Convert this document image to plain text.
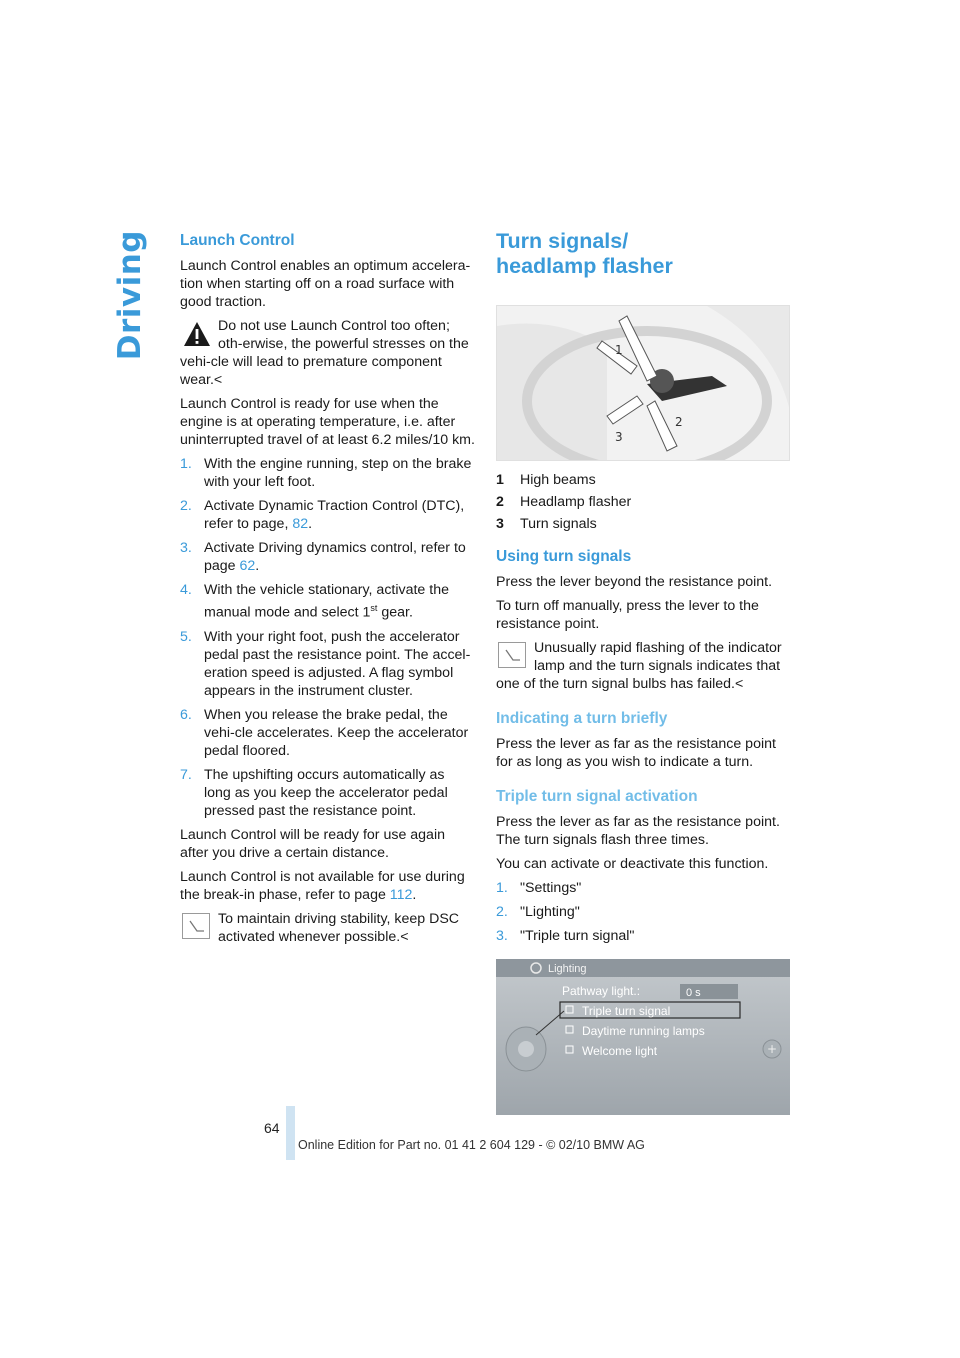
Driving Launch Control

Launch Control enables an optimum accelera-tion when starting off on a road surface with good traction.

Do not use Launch Control too often; oth-erwise, the powerful stresses on the vehi-cle will lead to premature component wear.<

Launch Control is ready for use when the engine is at operating temperature, i.e. after uninterrupted travel of at least 6.2 miles/10 km.

1. With the engine running, step on the brake with your left foot.
2. Activate Dynamic Traction Control (DTC), refer to page, 82.
3. Activate Driving dynamics control, refer to page 62.
4. With the vehicle stationary, activate the manual mode and select 1st gear.
5. With your right foot, push the accelerator pedal past the resistance point. The accel-eration speed is adjusted. A flag symbol appears in the instrument cluster.
6. When you release the brake pedal, the vehi-cle accelerates. Keep the accelerator pedal floored.
7. The upshifting occurs automatically as long as you keep the accelerator pedal pressed past the resistance point.

Launch Control will be ready for use again after you drive a certain distance.

Launch Control is not available for use during the break-in phase, refer to page 112.

To maintain driving stability, keep DSC activated whenever possible.<
Turn signals/
headlamp flasher
1
2
3
1 High beams
2 Headlamp flasher
3 Turn signals
Using turn signals

Press the lever beyond the resistance point.

To turn off manually, press the lever to the resistance point.

Unusually rapid flashing of the indicator lamp and the turn signals indicates that one of the turn signal bulbs has failed.<
Indicating a turn briefly

Press the lever as far as the resistance point for as long as you wish to indicate a turn.

Triple turn signal activation

Press the lever as far as the resistance point. The turn signals flash three times.

You can activate or deactivate this function.

1. "Settings"
2. "Lighting"
3. "Triple turn signal"
Lighting
+
Pathway light.:	0 s
Triple turn signal
Daytime running lamps
Welcome light
64
Online Edition for Part no. 01 41 2 604 129 - © 02/10 BMW AG
